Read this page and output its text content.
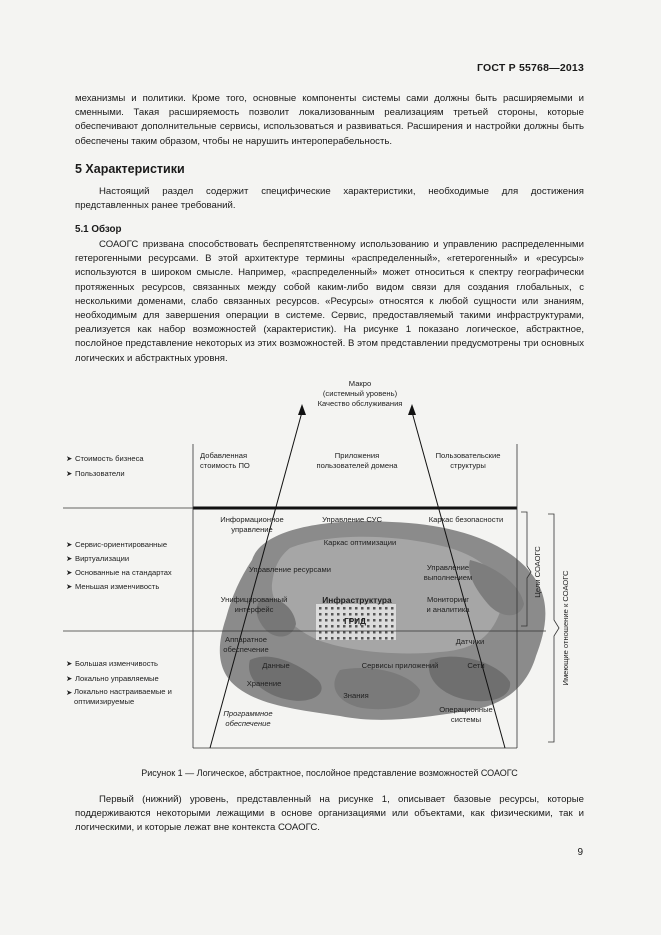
ГОСТ Р 55768—2013
механизмы и политики. Кроме того, основные компоненты системы сами должны быть расширяемыми и сменными. Такая расширяемость позволит локализованным реализациям третьей стороны, которые обеспечивают дополнительные сервисы, использоваться и развиваться. Расширения и настройки должны быть обеспечены таким образом, чтобы не нарушить интероперабельность.
5 Характеристики
Настоящий раздел содержит специфические характеристики, необходимые для достижения представленных ранее требований.
5.1 Обзор
СОАОГС призвана способствовать беспрепятственному использованию и управлению распределенными гетерогенными ресурсами. В этой архитектуре термины «распределенный», «гетерогенный» и «ресурсы» используются в широком смысле. Например, «распределенный» может относиться к спектру географически протяженных ресурсов, связанных между собой каким-либо видом связи для создания глобальных, с несколькими доменами, слабо связанных ресурсов. «Ресурсы» относятся к любой сущности или знаниям, необходимым для завершения операции в системе. Сервис, предоставляемый такими инфраструктурами, реализуется как набор возможностей (характеристик). На рисунке 1 показано логическое, абстрактное, послойное представление некоторых из этих возможностей. В этом представлении предусмотрены три основных логических и абстрактных уровня.
Макро
(системный уровень)
Качество обслуживания
➤ Стоимость бизнеса
➤ Пользователи
➤ Сервис-ориентированные
➤ Виртуализации
➤ Основанные на стандартах
➤ Меньшая изменчивость
➤ Большая изменчивость
➤ Локально управляемые
➤ Локально настраиваемые и оптимизируемые
Добавленная
стоимость ПО
Приложения
пользователей домена
Пользовательские
структуры
Информационное
управление
Управление СУС	Каркас безопасности
Каркас оптимизации
Управление ресурсами	Управление
выполнением
Унифицированный
интерфейс
Инфраструктура
ГРИД
Мониторинг
и аналитика
Аппаратное
обеспечение
Датчики
Данные	Сервисы приложений	Сети
Хранение
Знания
Программное
обеспечение
Операционные
системы
Цели СОАОГС	Имеющие отношение к СОАОГС
Рисунок 1 — Логическое, абстрактное, послойное представление возможностей СОАОГС
Первый (нижний) уровень, представленный на рисунке 1, описывает базовые ресурсы, которые поддерживаются некоторыми лежащими в основе организациями или объектами, как физическими, так и логическими, и которые лежат вне контекста СОАОГС.
9
